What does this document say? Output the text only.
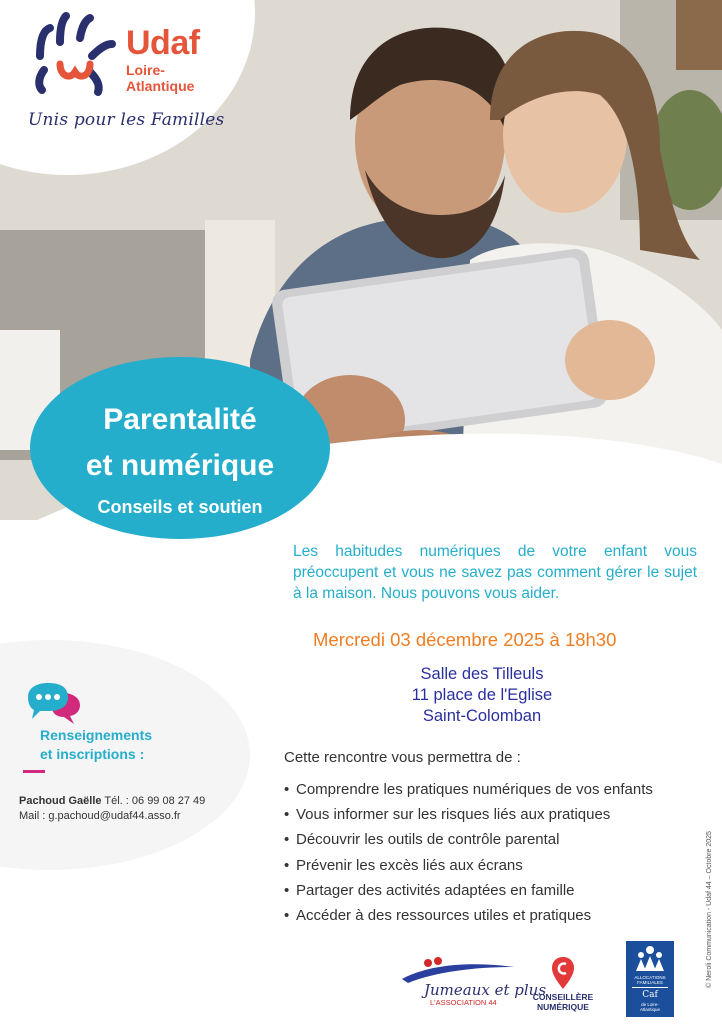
Udaf
Loire-Atlantique
Unis pour les Familles
Parentalité
et numérique
Conseils et soutien
Les habitudes numériques de votre enfant vous préoccupent et vous ne savez pas comment gérer le sujet à la maison. Nous pouvons vous aider.
Mercredi 03 décembre 2025 à 18h30
Salle des Tilleuls
11 place de l'Eglise
Saint-Colomban
Renseignements
et inscriptions :
Pachoud Gaëlle Tél. : 06 99 08 27 49
Mail : g.pachoud@udaf44.asso.fr
Cette rencontre vous permettra de :
• Comprendre les pratiques numériques de vos enfants
• Vous informer sur les risques liés aux pratiques
• Découvrir les outils de contrôle parental
• Prévenir les excès liés aux écrans
• Partager des activités adaptées en famille
• Accéder à des ressources utiles et pratiques	© Neroli Communication - Udaf 44 – Octobre 2025
Jumeaux et plus
L'ASSOCIATION 44
CONSEILLÈRE
NUMÉRIQUE
ALLOCATIONS
FAMILIALES
Caf
de Loire-
Atlantique
